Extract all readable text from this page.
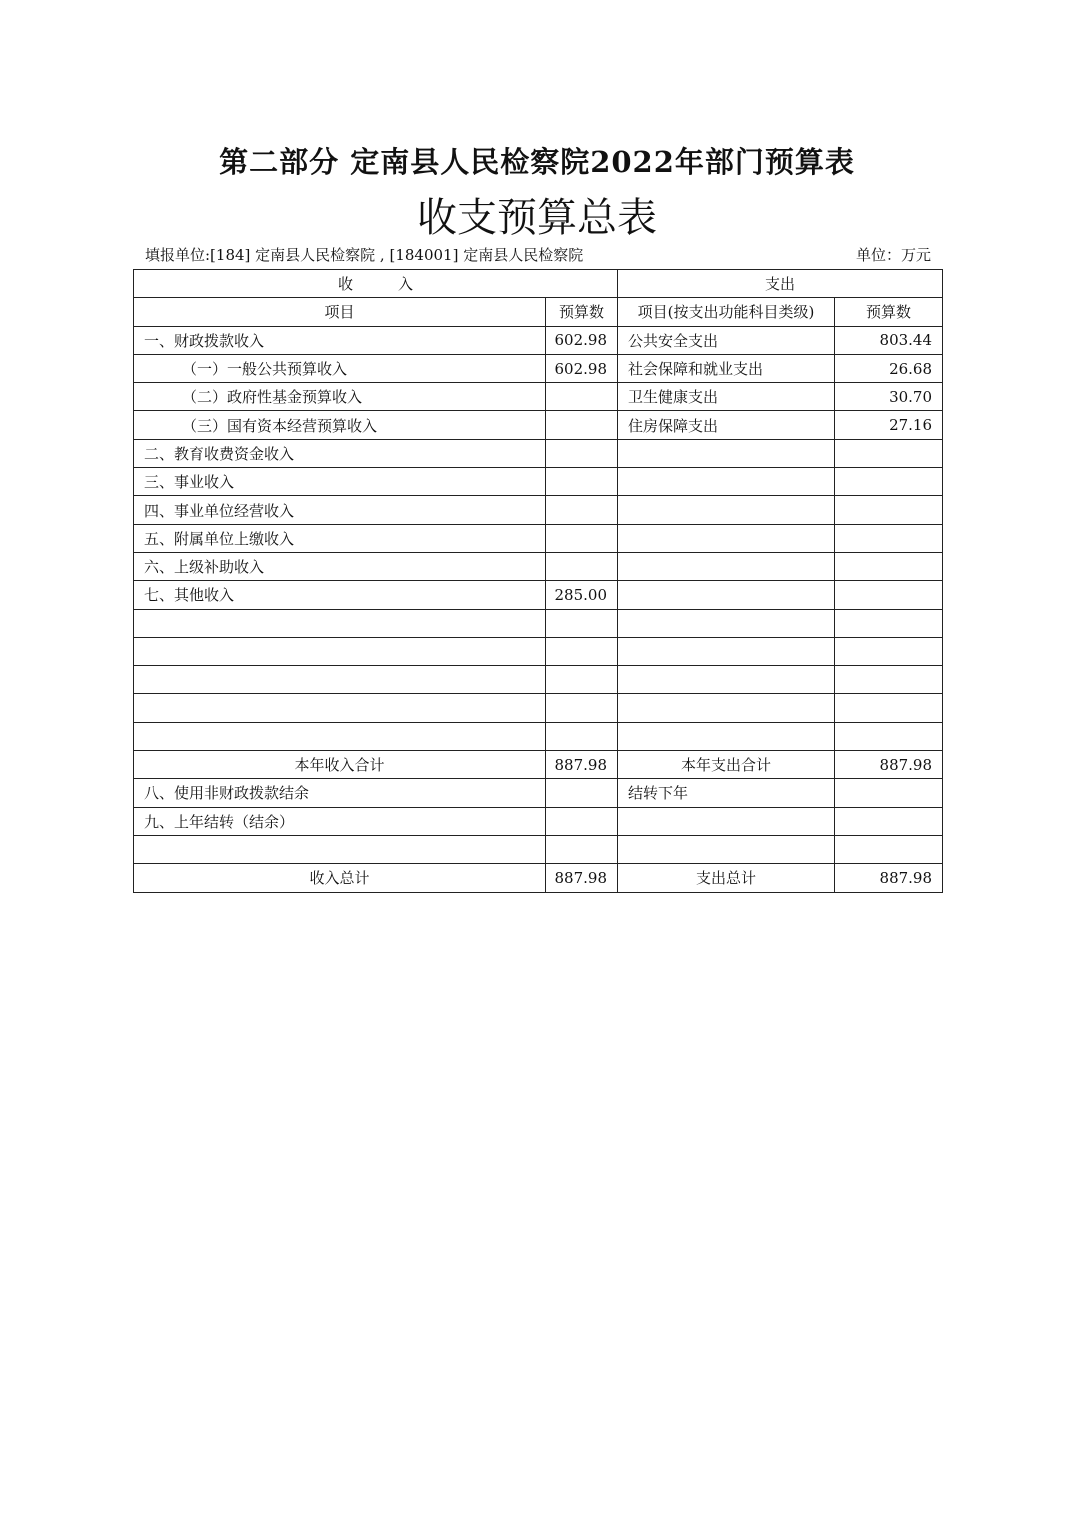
第二部分 定南县人民检察院2022年部门预算表
收支预算总表
填报单位:[184] 定南县人民检察院 , [184001] 定南县人民检察院	单位：万元
收　　　入		支出	
项目	预算数	项目(按支出功能科目类级)	预算数
一、财政拨款收入	602.98	公共安全支出	803.44
（一）一般公共预算收入	602.98	社会保障和就业支出	26.68
（二）政府性基金预算收入		卫生健康支出	30.70
（三）国有资本经营预算收入		住房保障支出	27.16
二、教育收费资金收入			
三、事业收入			
四、事业单位经营收入			
五、附属单位上缴收入			
六、上级补助收入			
七、其他收入	285.00		

本年收入合计	887.98	本年支出合计	887.98
八、使用非财政拨款结余		结转下年	
九、上年结转（结余）			

收入总计	887.98	支出总计	887.98
